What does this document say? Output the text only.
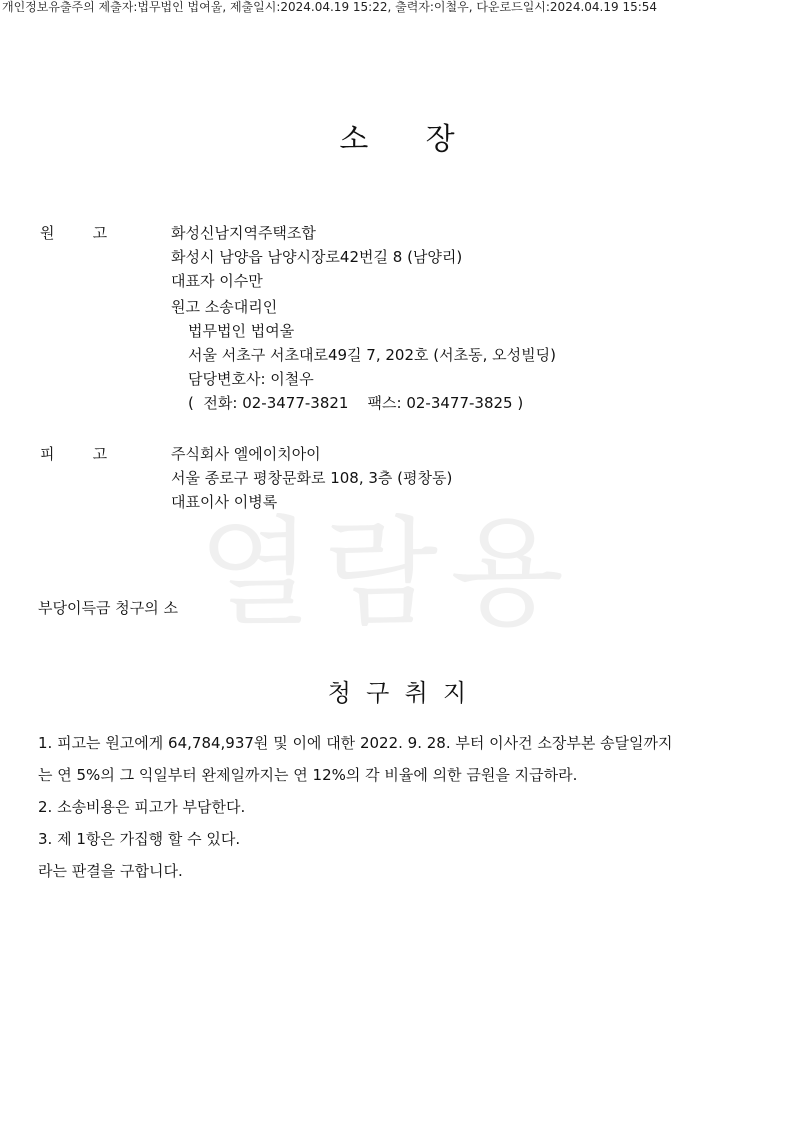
개인정보유출주의 제출자:법무법인 법여울, 제출일시:2024.04.19 15:22, 출력자:이철우, 다운로드일시:2024.04.19 15:54
열람용
소      장
원        고	화성신남지역주택조합
화성시 남양읍 남양시장로42번길 8 (남양리)
대표자 이수만
원고 소송대리인
법무법인 법여울
서울 서초구 서초대로49길 7, 202호 (서초동, 오성빌딩)
담당변호사: 이철우
(  전화: 02-3477-3821    팩스: 02-3477-3825 )
피        고	주식회사 엘에이치아이
서울 종로구 평창문화로 108, 3층 (평창동)
대표이사 이병록
부당이득금 청구의 소
청  구  취  지
1. 피고는 원고에게 64,784,937원 및 이에 대한 2022. 9. 28. 부터 이사건 소장부본 송달일까지
는 연 5%의 그 익일부터 완제일까지는 연 12%의 각 비율에 의한 금원을 지급하라.
2. 소송비용은 피고가 부담한다.
3. 제 1항은 가집행 할 수 있다.
라는 판결을 구합니다.
